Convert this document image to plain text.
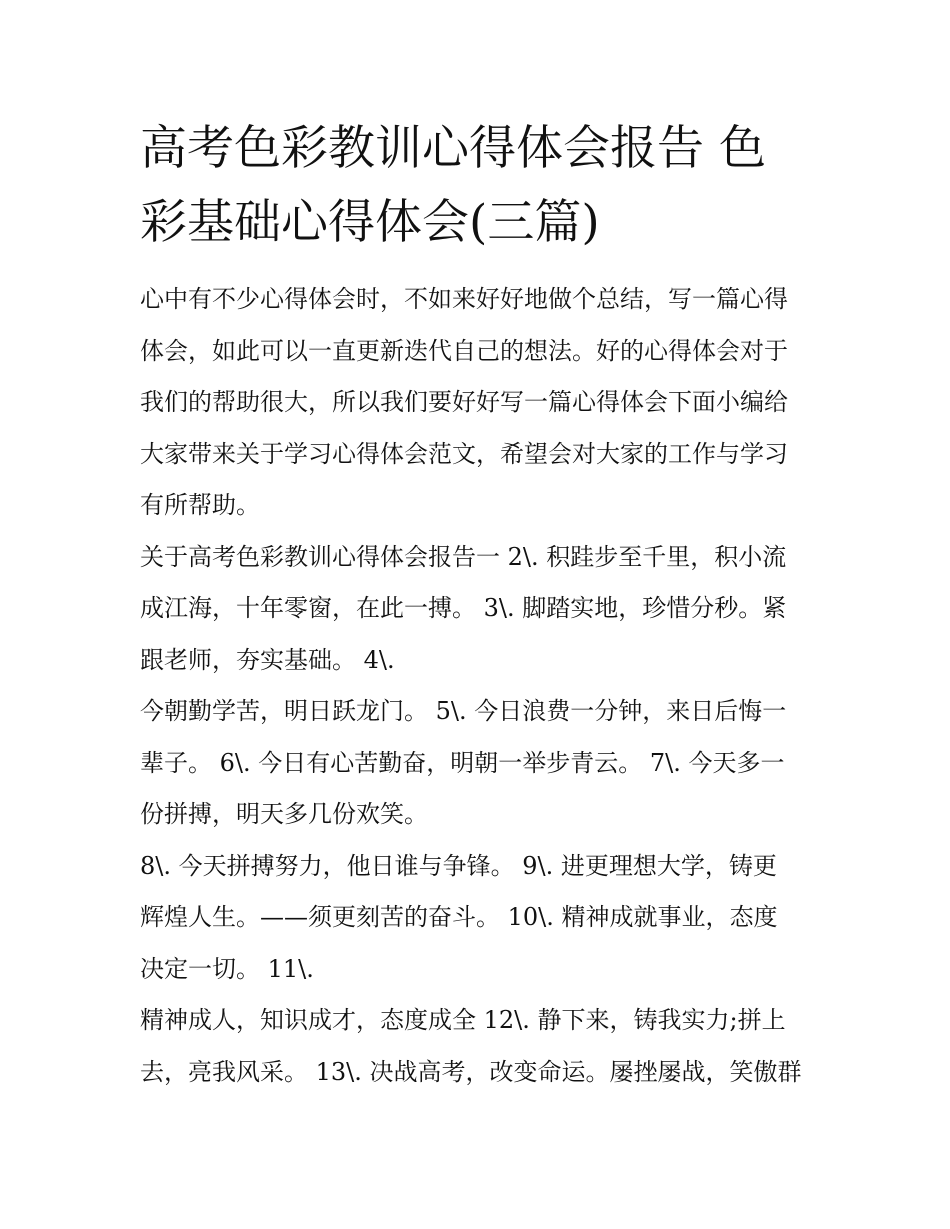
高考色彩教训心得体会报告 色
彩基础心得体会(三篇)
心中有不少心得体会时，不如来好好地做个总结，写一篇心得
体会，如此可以一直更新迭代自己的想法。好的心得体会对于
我们的帮助很大，所以我们要好好写一篇心得体会下面小编给
大家带来关于学习心得体会范文，希望会对大家的工作与学习
有所帮助。
关于高考色彩教训心得体会报告一 2\. 积跬步至千里，积小流
成江海，十年零窗，在此一搏。 3\. 脚踏实地，珍惜分秒。紧
跟老师，夯实基础。 4\.
今朝勤学苦，明日跃龙门。 5\. 今日浪费一分钟，来日后悔一
辈子。 6\. 今日有心苦勤奋，明朝一举步青云。 7\. 今天多一
份拼搏，明天多几份欢笑。
8\. 今天拼搏努力，他日谁与争锋。 9\. 进更理想大学，铸更
辉煌人生。——须更刻苦的奋斗。 10\. 精神成就事业，态度
决定一切。 11\.
精神成人，知识成才，态度成全 12\. 静下来，铸我实力;拼上
去，亮我风采。 13\. 决战高考，改变命运。屡挫屡战，笑傲群
